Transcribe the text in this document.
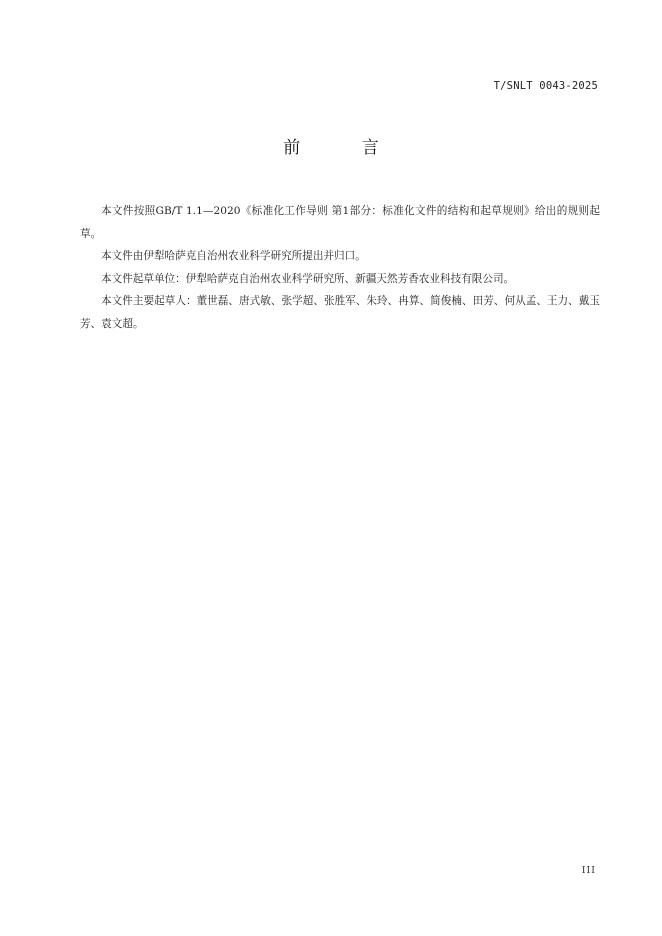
T/SNLT 0043-2025
前 言

本文件按照GB/T 1.1—2020《标准化工作导则 第1部分：标准化文件的结构和起草规则》给出的规则起草。

本文件由伊犁哈萨克自治州农业科学研究所提出并归口。

本文件起草单位：伊犁哈萨克自治州农业科学研究所、新疆天然芳香农业科技有限公司。

本文件主要起草人：董世磊、唐式敏、张学超、张胜军、朱玲、冉算、简俊楠、田芳、何从孟、王力、戴玉芳、袁文超。

III
